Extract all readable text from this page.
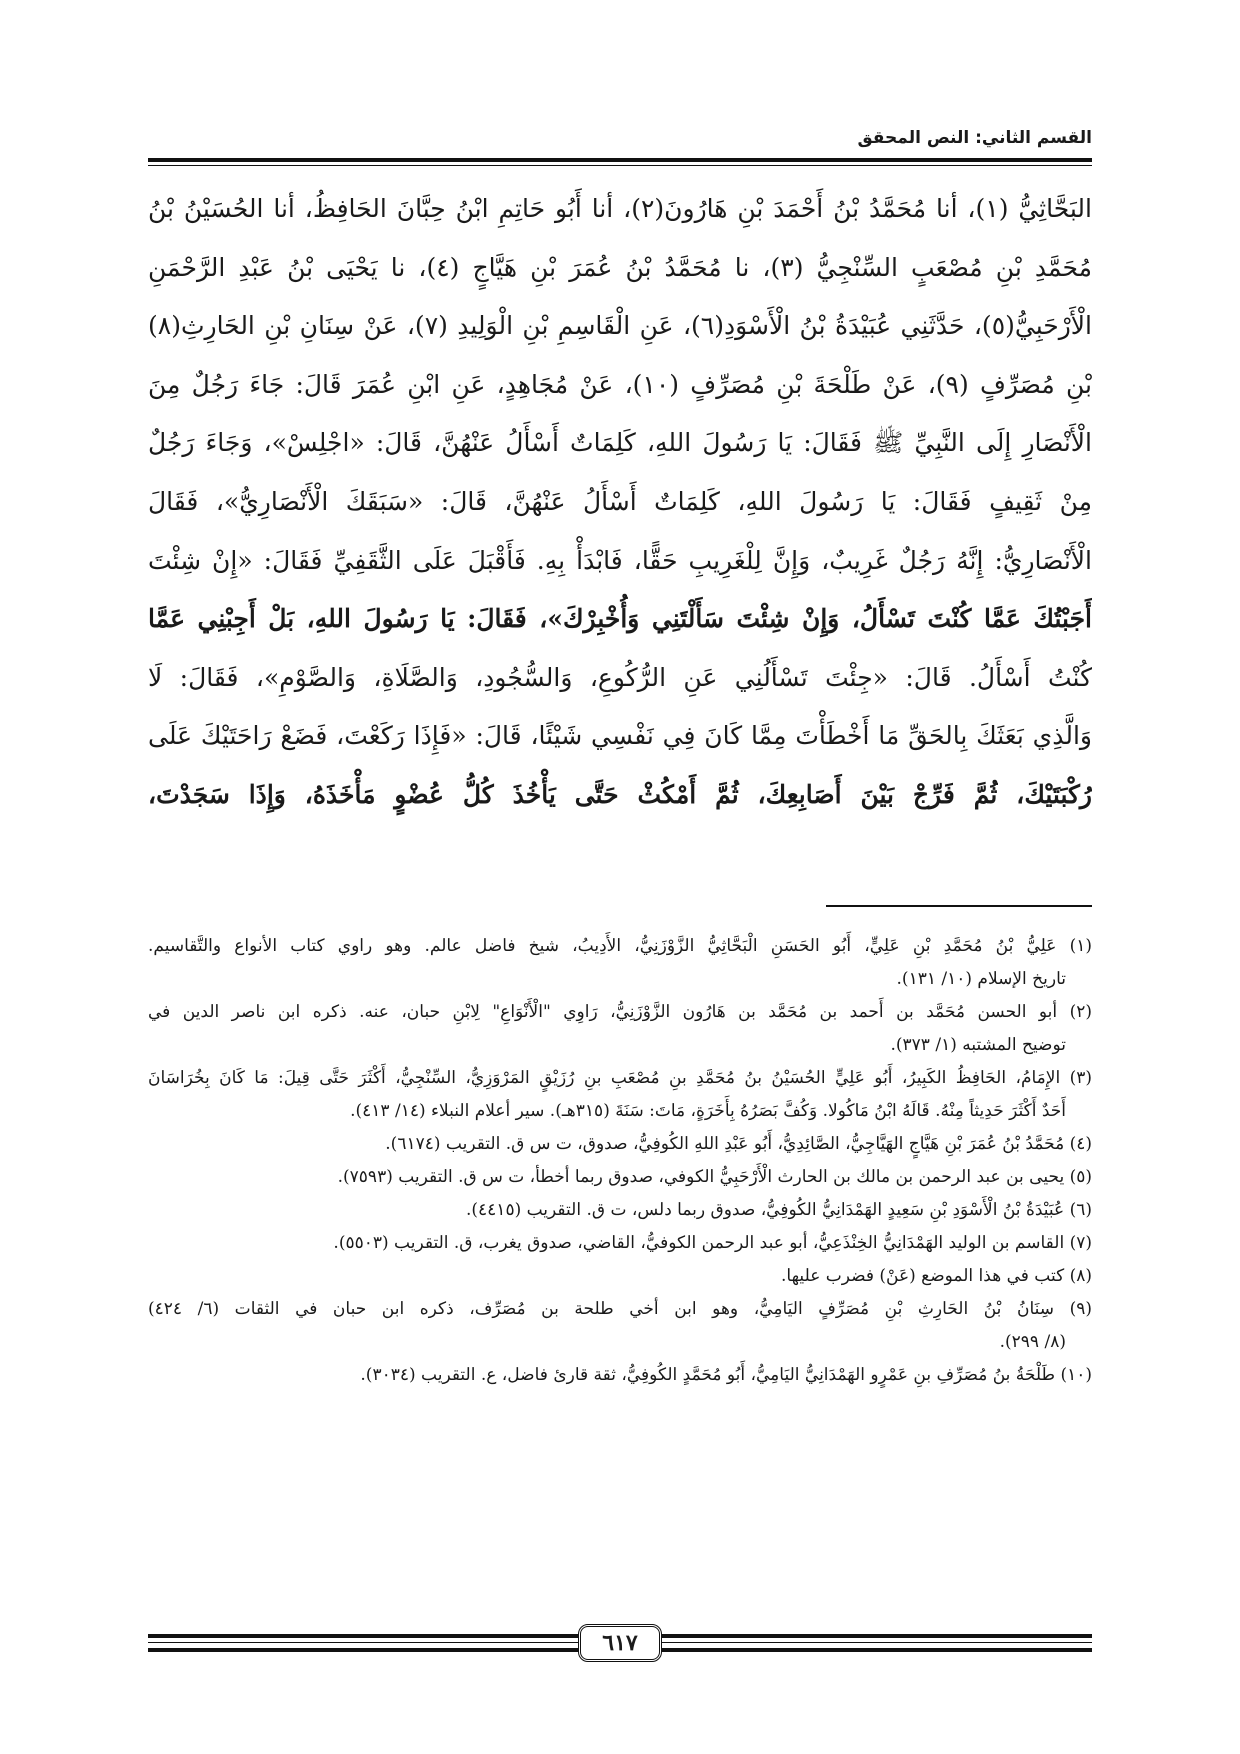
القسم الثاني: النص المحقق
البَحَّاثِيُّ (١)، أنا مُحَمَّدُ بْنُ أَحْمَدَ بْنِ هَارُونَ(٢)، أنا أَبُو حَاتِمِ ابْنُ حِبَّانَ الحَافِظُ، أنا الحُسَيْنُ بْنُ
مُحَمَّدِ بْنِ مُصْعَبٍ السِّنْجِيُّ (٣)، نا مُحَمَّدُ بْنُ عُمَرَ بْنِ هَيَّاجٍ (٤)، نا يَحْيَى بْنُ عَبْدِ الرَّحْمَنِ
الْأَرْحَبِيُّ(٥)، حَدَّثَنِي عُبَيْدَةُ بْنُ الْأَسْوَدِ(٦)، عَنِ الْقَاسِمِ بْنِ الْوَلِيدِ (٧)، عَنْ سِنَانِ بْنِ الحَارِثِ(٨)
بْنِ مُصَرِّفٍ (٩)، عَنْ طَلْحَةَ بْنِ مُصَرِّفٍ (١٠)، عَنْ مُجَاهِدٍ، عَنِ ابْنِ عُمَرَ قَالَ: جَاءَ رَجُلٌ مِنَ
الْأَنْصَارِ إِلَى النَّبِيِّ ﷺ فَقَالَ: يَا رَسُولَ اللهِ، كَلِمَاتٌ أَسْأَلُ عَنْهُنَّ، قَالَ: «اجْلِسْ»، وَجَاءَ رَجُلٌ
مِنْ ثَقِيفٍ فَقَالَ: يَا رَسُولَ اللهِ، كَلِمَاتٌ أَسْأَلُ عَنْهُنَّ، قَالَ: «سَبَقَكَ الْأَنْصَارِيُّ»، فَقَالَ
الْأَنْصَارِيُّ: إِنَّهُ رَجُلٌ غَرِيبٌ، وَإِنَّ لِلْغَرِيبِ حَقًّا، فَابْدَأْ بِهِ. فَأَقْبَلَ عَلَى الثَّقَفِيِّ فَقَالَ: «إِنْ شِئْتَ
أَجَبْتُكَ عَمَّا كُنْتَ تَسْأَلُ، وَإِنْ شِئْتَ سَأَلْتَنِي وَأُخْبِرْكَ»، فَقَالَ: يَا رَسُولَ اللهِ، بَلْ أَجِبْنِي عَمَّا
كُنْتُ أَسْأَلُ. قَالَ: «جِئْتَ تَسْأَلُنِي عَنِ الرُّكُوعِ، وَالسُّجُودِ، وَالصَّلَاةِ، وَالصَّوْمِ»، فَقَالَ: لَا
وَالَّذِي بَعَثَكَ بِالحَقِّ مَا أَخْطَأْتَ مِمَّا كَانَ فِي نَفْسِي شَيْئًا، قَالَ: «فَإِذَا رَكَعْتَ، فَضَعْ رَاحَتَيْكَ عَلَى
رُكْبَتَيْكَ، ثُمَّ فَرِّجْ بَيْنَ أَصَابِعِكَ، ثُمَّ أَمْكُثْ حَتَّى يَأْخُذَ كُلُّ عُضْوٍ مَأْخَذَهُ، وَإِذَا سَجَدْتَ،
(١) عَلِيُّ بْنُ مُحَمَّدِ بْنِ عَلِيٍّ، أَبُو الحَسَنِ الْبَحَّاثِيُّ الزَّوْزَنِيُّ، الأَدِيبُ، شيخ فاضل عالم. وهو راوي كتاب الأنواع والتَّقاسيم.
تاريخ الإسلام (١٠/ ١٣١).
(٢) أبو الحسن مُحَمَّد بن أَحمد بن مُحَمَّد بن هَارُون الزَّوْزَنِيُّ، رَاوِي "الْأَنْوَاعِ" لِابْنِ حبان، عنه. ذكره ابن ناصر الدين في
توضيح المشتبه (١/ ٣٧٣).
(٣) الإِمَامُ، الحَافِظُ الكَبِيرُ، أَبُو عَلِيٍّ الحُسَيْنُ بنُ مُحَمَّدِ بنِ مُصْعَبِ بنِ رُزَيْقٍ المَرْوَزِيُّ، السِّنْجِيُّ، أَكْثَرَ حَتَّى قِيلَ: مَا كَانَ بِخُرَاسَانَ
أَحَدٌ أَكْثَرَ حَدِيثاً مِنْهُ. قَالَهُ ابْنُ مَاكُولا. وَكُفَّ بَصَرُهُ بِأَخَرَةٍ، مَاتَ: سَنَةَ (٣١٥هـ). سير أعلام النبلاء (١٤/ ٤١٣).
(٤) مُحَمَّدُ بْنُ عُمَرَ بْنِ هَيَّاجٍ الهَيَّاجِيُّ، الصَّائِدِيُّ، أَبُو عَبْدِ اللهِ الكُوفِيُّ، صدوق، ت س ق. التقريب (٦١٧٤).
(٥) يحيى بن عبد الرحمن بن مالك بن الحارث الْأَرْحَبِيُّ الكوفي، صدوق ربما أخطأ، ت س ق. التقريب (٧٥٩٣).
(٦) عُبَيْدَةُ بْنُ الْأَسْوَدِ بْنِ سَعِيدٍ الهَمْدَانِيُّ الكُوفِيُّ، صدوق ربما دلس، ت ق. التقريب (٤٤١٥).
(٧) القاسم بن الوليد الهَمْدَانِيُّ الخِنْذَعِيُّ، أبو عبد الرحمن الكوفيُّ، القاضي، صدوق يغرب، ق. التقريب (٥٥٠٣).
(٨) كتب في هذا الموضع (عَنْ) فضرب عليها.
(٩) سِنَانُ بْنُ الحَارِثِ بْنِ مُصَرِّفٍ اليَامِيُّ، وهو ابن أخي طلحة بن مُصَرِّف، ذكره ابن حبان في الثقات (٦/ ٤٢٤)
(٨/ ٢٩٩).
(١٠) طَلْحَةُ بنُ مُصَرِّفِ بنِ عَمْرٍو الهَمْدَانِيُّ اليَامِيُّ، أَبُو مُحَمَّدٍ الكُوفِيُّ، ثقة قارئ فاضل، ع. التقريب (٣٠٣٤).
٦١٧
